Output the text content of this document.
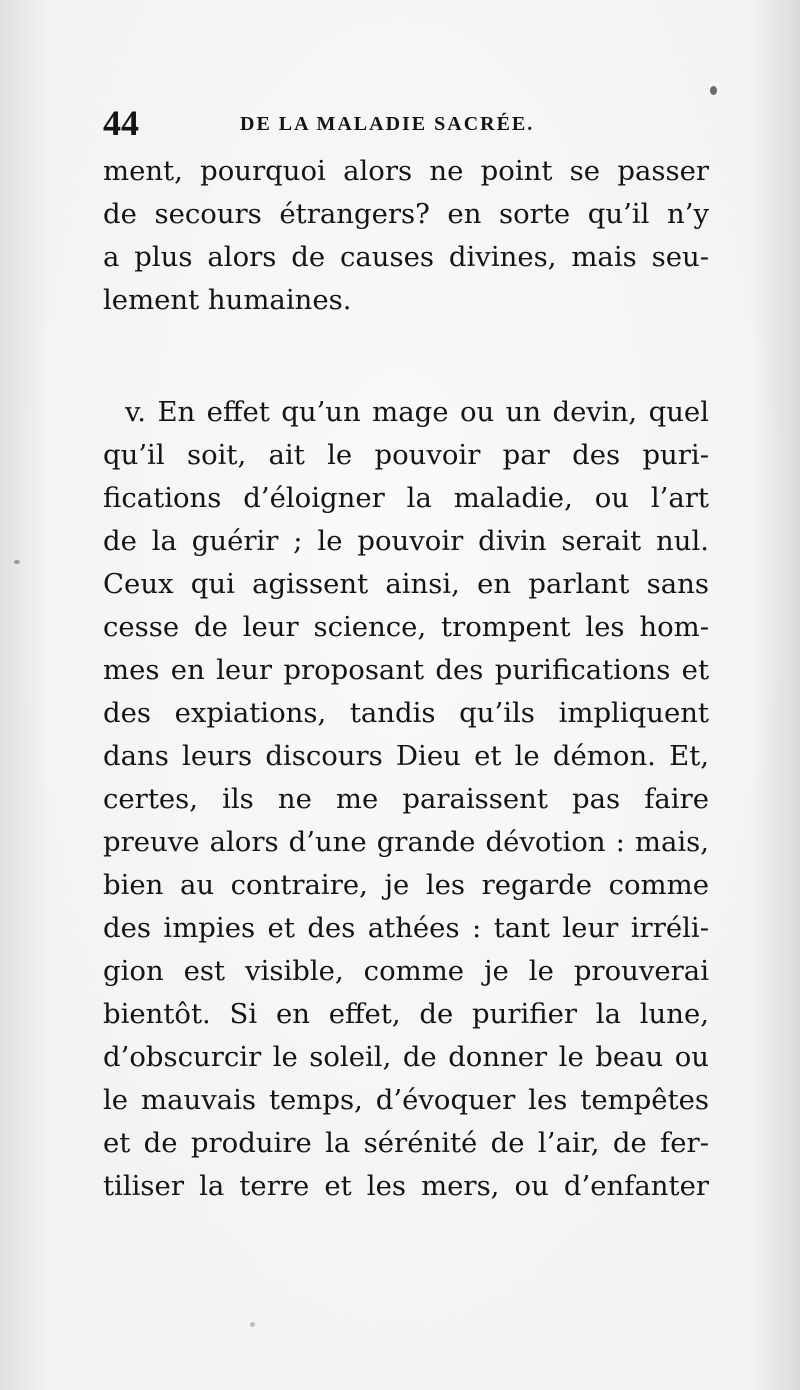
44	DE LA MALADIE SACRÉE.
ment, pourquoi alors ne point se passer
de secours étrangers? en sorte qu’il n’y
a plus alors de causes divines, mais seu-
lement humaines.
v. En effet qu’un mage ou un devin, quel
qu’il soit, ait le pouvoir par des puri-
fications d’éloigner la maladie, ou l’art
de la guérir ; le pouvoir divin serait nul.
Ceux qui agissent ainsi, en parlant sans
cesse de leur science, trompent les hom-
mes en leur proposant des purifications et
des expiations, tandis qu’ils impliquent
dans leurs discours Dieu et le démon. Et,
certes, ils ne me paraissent pas faire
preuve alors d’une grande dévotion : mais,
bien au contraire, je les regarde comme
des impies et des athées : tant leur irréli-
gion est visible, comme je le prouverai
bientôt. Si en effet, de purifier la lune,
d’obscurcir le soleil, de donner le beau ou
le mauvais temps, d’évoquer les tempêtes
et de produire la sérénité de l’air, de fer-
tiliser la terre et les mers, ou d’enfanter
